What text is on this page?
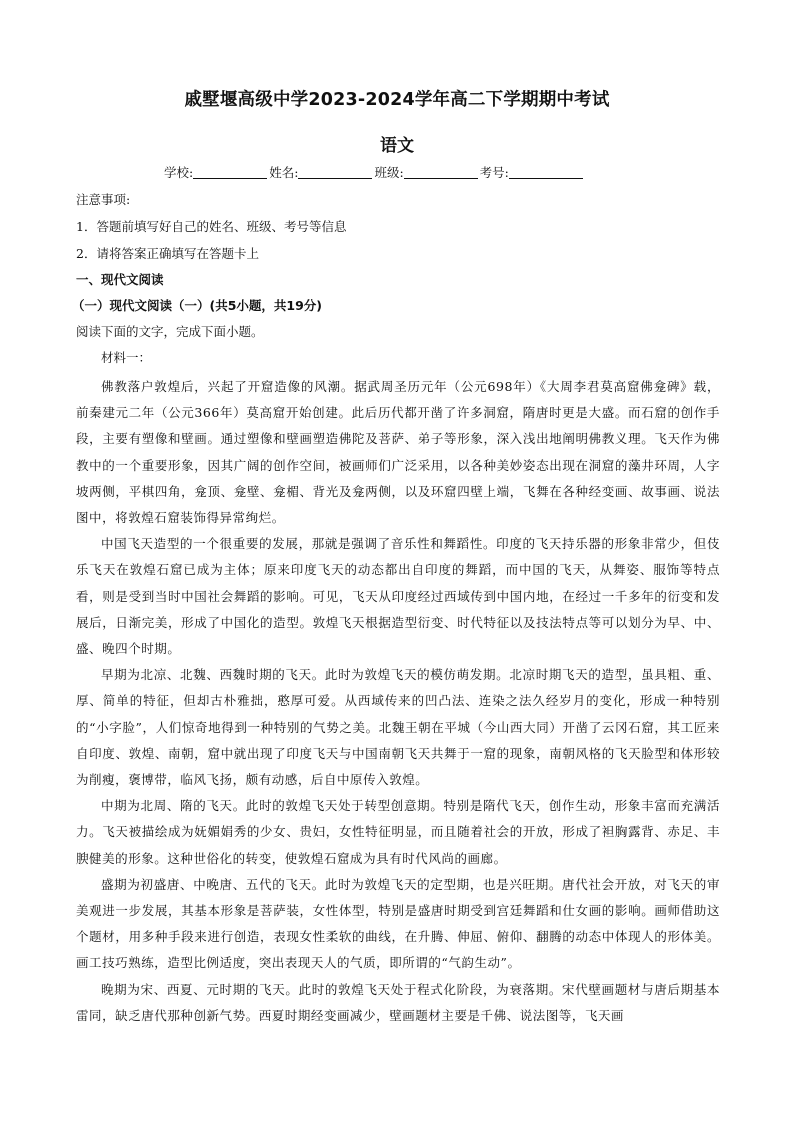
戚墅堰高级中学2023-2024学年高二下学期期中考试
语文
学校:	姓名:	班级:	考号:
注意事项:
1．答题前填写好自己的姓名、班级、考号等信息
2．请将答案正确填写在答题卡上
一、现代文阅读
（一）现代文阅读（一）(共5小题，共19分)
阅读下面的文字，完成下面小题。
材料一：

佛教落户敦煌后，兴起了开窟造像的风潮。据武周圣历元年（公元698年）《大周李君莫高窟佛龛碑》载，前秦建元二年（公元366年）莫高窟开始创建。此后历代都开凿了许多洞窟，隋唐时更是大盛。而石窟的创作手段，主要有塑像和壁画。通过塑像和壁画塑造佛陀及菩萨、弟子等形象，深入浅出地阐明佛教义理。飞天作为佛教中的一个重要形象，因其广阔的创作空间，被画师们广泛采用，以各种美妙姿态出现在洞窟的藻井环周，人字坡两侧，平棋四角，龛顶、龛壁、龛楣、背光及龛两侧，以及环窟四壁上端，飞舞在各种经变画、故事画、说法图中，将敦煌石窟装饰得异常绚烂。

中国飞天造型的一个很重要的发展，那就是强调了音乐性和舞蹈性。印度的飞天持乐器的形象非常少，但伎乐飞天在敦煌石窟已成为主体；原来印度飞天的动态都出自印度的舞蹈，而中国的飞天，从舞姿、服饰等特点看，则是受到当时中国社会舞蹈的影响。可见，飞天从印度经过西域传到中国内地，在经过一千多年的衍变和发展后，日渐完美，形成了中国化的造型。敦煌飞天根据造型衍变、时代特征以及技法特点等可以划分为早、中、盛、晚四个时期。

早期为北凉、北魏、西魏时期的飞天。此时为敦煌飞天的模仿萌发期。北凉时期飞天的造型，虽具粗、重、厚、简单的特征，但却古朴雅拙，憨厚可爱。从西域传来的凹凸法、连染之法久经岁月的变化，形成一种特别的“小字脸”，人们惊奇地得到一种特别的气势之美。北魏王朝在平城（今山西大同）开凿了云冈石窟，其工匠来自印度、敦煌、南朝，窟中就出现了印度飞天与中国南朝飞天共舞于一窟的现象，南朝风格的飞天脸型和体形较为削瘦，褒博带，临风飞扬，颇有动感，后自中原传入敦煌。

中期为北周、隋的飞天。此时的敦煌飞天处于转型创意期。特别是隋代飞天，创作生动，形象丰富而充满活力。飞天被描绘成为妩媚娟秀的少女、贵妇，女性特征明显，而且随着社会的开放，形成了袒胸露背、赤足、丰腴健美的形象。这种世俗化的转变，使敦煌石窟成为具有时代风尚的画廊。

盛期为初盛唐、中晚唐、五代的飞天。此时为敦煌飞天的定型期，也是兴旺期。唐代社会开放，对飞天的审美观进一步发展，其基本形象是菩萨装，女性体型，特别是盛唐时期受到宫廷舞蹈和仕女画的影响。画师借助这个题材，用多种手段来进行创造，表现女性柔软的曲线，在升腾、伸屈、俯仰、翻腾的动态中体现人的形体美。画工技巧熟练，造型比例适度，突出表现天人的气质，即所谓的“气韵生动”。

晚期为宋、西夏、元时期的飞天。此时的敦煌飞天处于程式化阶段，为衰落期。宋代壁画题材与唐后期基本雷同，缺乏唐代那种创新气势。西夏时期经变画减少，壁画题材主要是千佛、说法图等，飞天画
